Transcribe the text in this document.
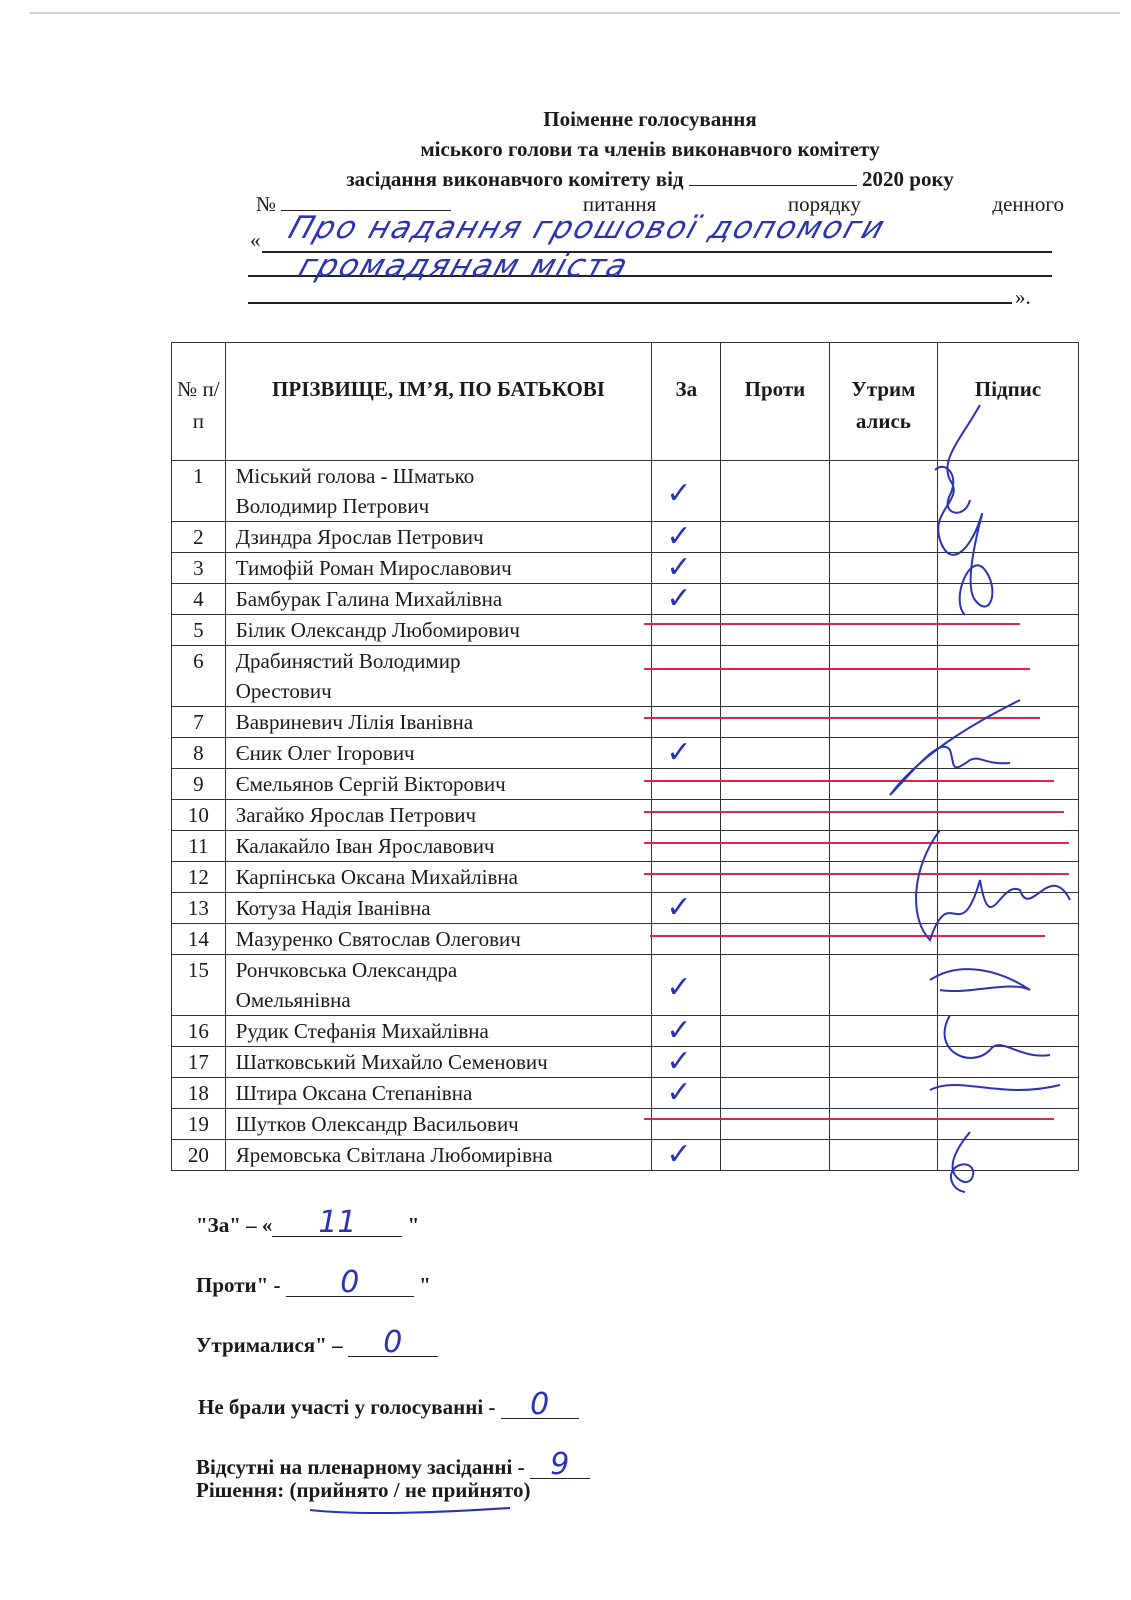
Поіменне голосування
міського голови та членів виконавчого комітету
засідання виконавчого комітету від	2020 року
№	питання	порядку	денного
«
».
Про надання грошової допомоги
громадянам міста
№ п/п	ПРІЗВИЩЕ, ІМ’Я, ПО БАТЬКОВІ	За	Проти	Утрим ались	Підпис
1	Міський голова - Шматько
Володимир Петрович	✓			

2	Дзиндра Ярослав Петрович	✓			

3	Тимофій Роман Мирославович	✓			

4	Бамбурак Галина Михайлівна	✓			

5	Білик Олександр Любомирович	

6	Драбинястий Володимир
Орестович	

7	Вавриневич Лілія Іванівна	

8	Єник Олег Ігорович	✓			

9	Ємельянов Сергій Вікторович	

10	Загайко Ярослав Петрович	

11	Калакайло Іван Ярославович	

12	Карпінська Оксана Михайлівна	

13	Котуза Надія Іванівна	✓			

14	Мазуренко Святослав Олегович	

15	Рончковська Олександра
Омельянівна	✓			

16	Рудик Стефанія Михайлівна	✓			

17	Шатковський Михайло Семенович	✓			

18	Штира Оксана Степанівна	✓			

19	Шутков Олександр Васильович	

20	Яремовська Світлана Любомирівна	✓			

"За" – « 11 "
Проти" - 0	"
Утрималися" – 0
Не брали участі у голосуванні - 0
Відсутні на пленарному засіданні - 9
Рішення: (прийнято / не прийнято)
